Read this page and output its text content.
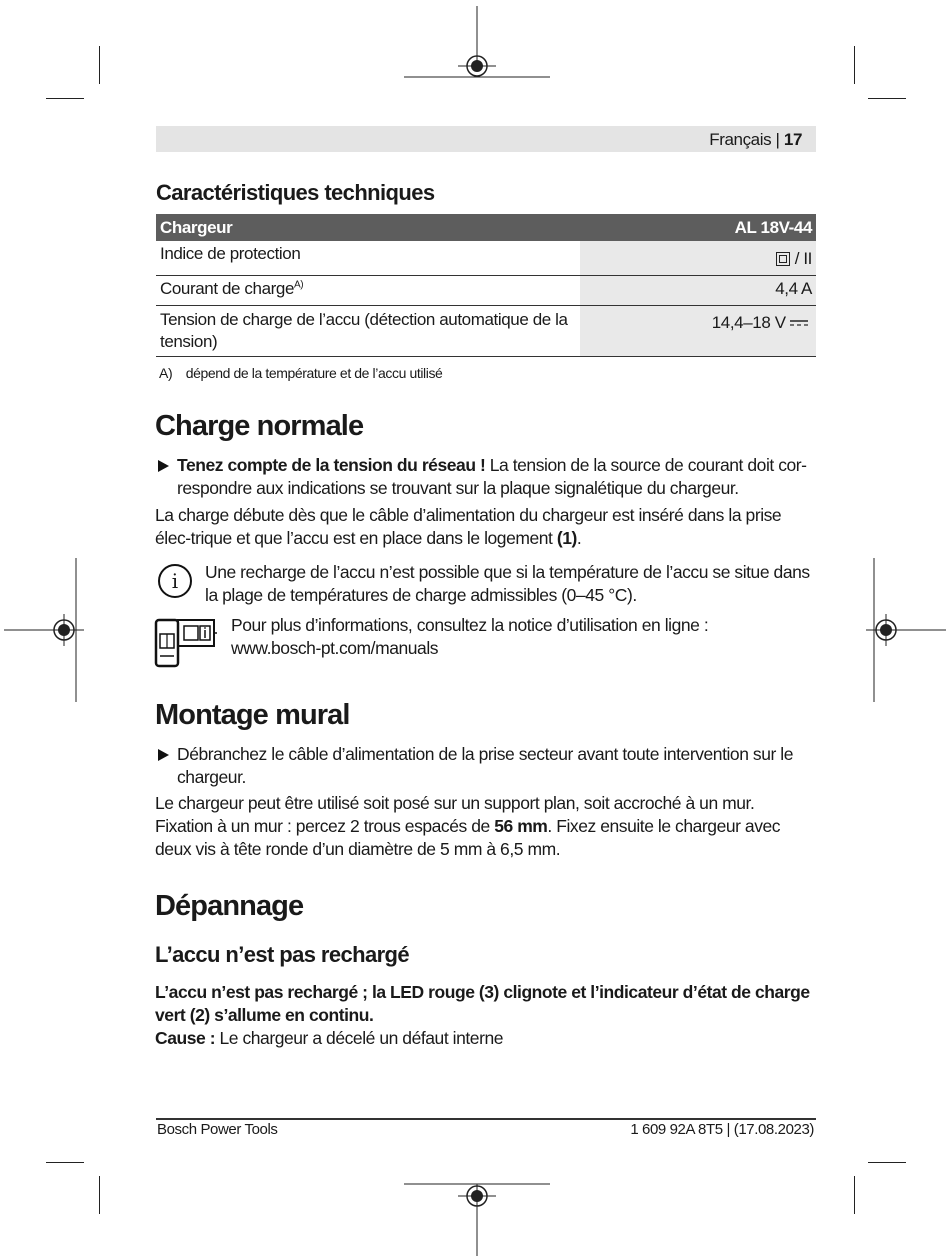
Français | 17
Caractéristiques techniques
Chargeur	AL 18V-44
Indice de protection	/ II
Courant de charge$^{A)}$	4,4 A
Tension de charge de l’accu (détection automatique de la tension)	14,4–18 V
A) dépend de la température et de l’accu utilisé
Charge normale
Tenez compte de la tension du réseau ! La tension de la source de courant doit cor-respondre aux indications se trouvant sur la plaque signalétique du chargeur.
La charge débute dès que le câble d’alimentation du chargeur est inséré dans la prise élec-trique et que l’accu est en place dans le logement (1).
i	Une recharge de l’accu n’est possible que si la température de l’accu se situe dans la plage de températures de charge admissibles (0–45 °C).
Pour plus d’informations, consultez la notice d’utilisation en ligne :
www.bosch-pt.com/manuals
Montage mural
Débranchez le câble d’alimentation de la prise secteur avant toute intervention sur le chargeur.
Le chargeur peut être utilisé soit posé sur un support plan, soit accroché à un mur.
Fixation à un mur : percez 2 trous espacés de 56 mm. Fixez ensuite le chargeur avec deux vis à tête ronde d’un diamètre de 5 mm à 6,5 mm.
Dépannage
L’accu n’est pas rechargé
L’accu n’est pas rechargé ; la LED rouge (3) clignote et l’indicateur d’état de charge vert (2) s’allume en continu.
Cause : Le chargeur a décelé un défaut interne
Bosch Power Tools	1 609 92A 8T5 | (17.08.2023)
